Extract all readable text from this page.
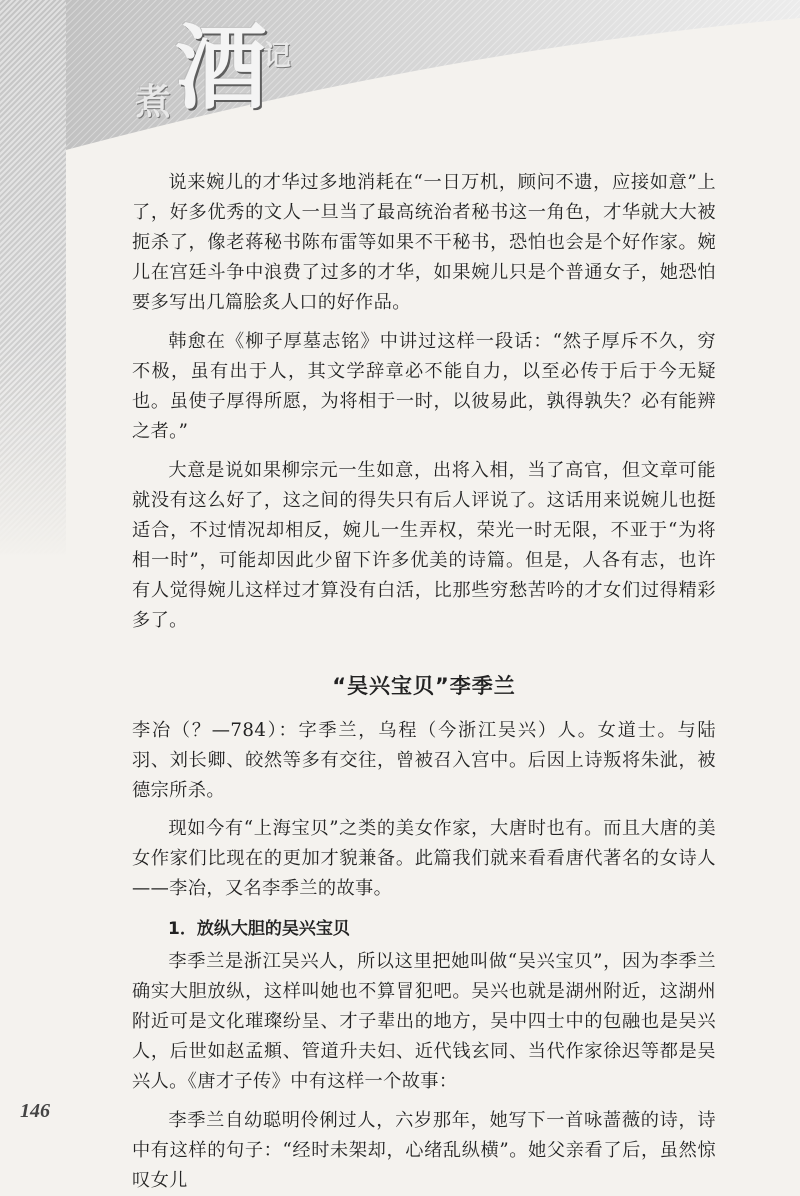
煮 酒
记

说来婉儿的才华过多地消耗在“一日万机，顾问不遗，应接如意”上了，好多优秀的文人一旦当了最高统治者秘书这一角色，才华就大大被扼杀了，像老蒋秘书陈布雷等如果不干秘书，恐怕也会是个好作家。婉儿在宫廷斗争中浪费了过多的才华，如果婉儿只是个普通女子，她恐怕要多写出几篇脍炙人口的好作品。

韩愈在《柳子厚墓志铭》中讲过这样一段话：“然子厚斥不久，穷不极，虽有出于人，其文学辞章必不能自力，以至必传于后于今无疑也。虽使子厚得所愿，为将相于一时，以彼易此，孰得孰失？必有能辨之者。”

大意是说如果柳宗元一生如意，出将入相，当了高官，但文章可能就没有这么好了，这之间的得失只有后人评说了。这话用来说婉儿也挺适合，不过情况却相反，婉儿一生弄权，荣光一时无限，不亚于“为将相一时”，可能却因此少留下许多优美的诗篇。但是，人各有志，也许有人觉得婉儿这样过才算没有白活，比那些穷愁苦吟的才女们过得精彩多了。

“吴兴宝贝”李季兰

李冶（？—784）：字季兰，乌程（今浙江吴兴）人。女道士。与陆羽、刘长卿、皎然等多有交往，曾被召入宫中。后因上诗叛将朱泚，被德宗所杀。

现如今有“上海宝贝”之类的美女作家，大唐时也有。而且大唐的美女作家们比现在的更加才貌兼备。此篇我们就来看看唐代著名的女诗人——李冶，又名李季兰的故事。

1．放纵大胆的吴兴宝贝

李季兰是浙江吴兴人，所以这里把她叫做“吴兴宝贝”，因为李季兰确实大胆放纵，这样叫她也不算冒犯吧。吴兴也就是湖州附近，这湖州附近可是文化璀璨纷呈、才子辈出的地方，吴中四士中的包融也是吴兴人，后世如赵孟頫、管道升夫妇、近代钱玄同、当代作家徐迟等都是吴兴人。《唐才子传》中有这样一个故事：

李季兰自幼聪明伶俐过人，六岁那年，她写下一首咏蔷薇的诗，诗中有这样的句子：“经时未架却，心绪乱纵横”。她父亲看了后，虽然惊叹女儿

146
